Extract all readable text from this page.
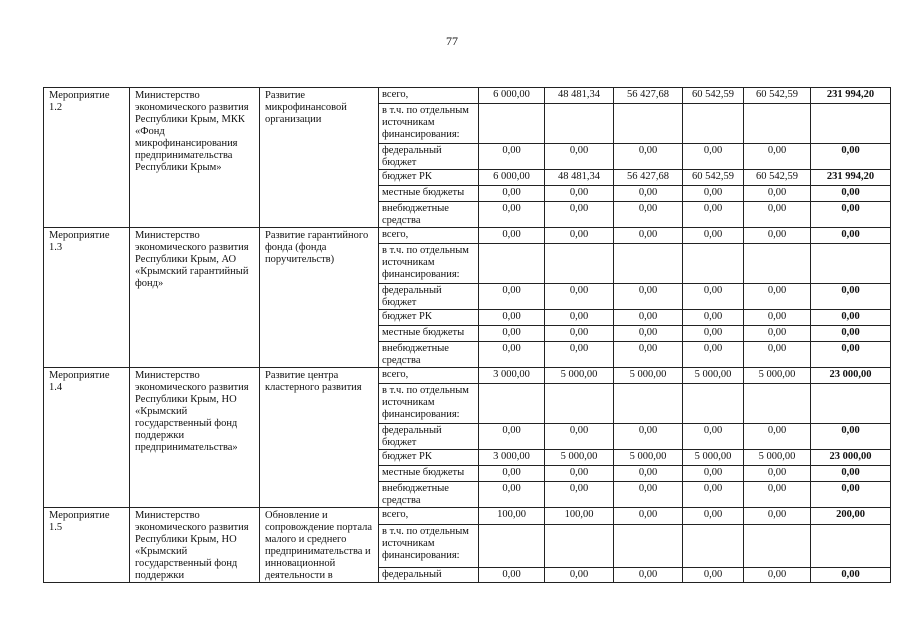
77
Мероприятие 1.2	Министерство экономического развития Республики Крым, МКК «Фонд микрофинансирования предпринимательства Республики Крым»	Развитие микрофинансовой организации	всего,	6 000,00	48 481,34	56 427,68	60 542,59	60 542,59	231 994,20
			в т.ч. по отдельным источникам финансирования:						
			федеральный бюджет	0,00	0,00	0,00	0,00	0,00	0,00
			бюджет РК	6 000,00	48 481,34	56 427,68	60 542,59	60 542,59	231 994,20
			местные бюджеты	0,00	0,00	0,00	0,00	0,00	0,00
			внебюджетные средства	0,00	0,00	0,00	0,00	0,00	0,00
Мероприятие 1.3	Министерство экономического развития Республики Крым, АО «Крымский гарантийный фонд»	Развитие гарантийного фонда (фонда поручительств)	всего,	0,00	0,00	0,00	0,00	0,00	0,00
			в т.ч. по отдельным источникам финансирования:						
			федеральный бюджет	0,00	0,00	0,00	0,00	0,00	0,00
			бюджет РК	0,00	0,00	0,00	0,00	0,00	0,00
			местные бюджеты	0,00	0,00	0,00	0,00	0,00	0,00
			внебюджетные средства	0,00	0,00	0,00	0,00	0,00	0,00
Мероприятие 1.4	Министерство экономического развития Республики Крым, НО «Крымский государственный фонд поддержки предпринимательства»	Развитие центра кластерного развития	всего,	3 000,00	5 000,00	5 000,00	5 000,00	5 000,00	23 000,00
			в т.ч. по отдельным источникам финансирования:						
			федеральный бюджет	0,00	0,00	0,00	0,00	0,00	0,00
			бюджет РК	3 000,00	5 000,00	5 000,00	5 000,00	5 000,00	23 000,00
			местные бюджеты	0,00	0,00	0,00	0,00	0,00	0,00
			внебюджетные средства	0,00	0,00	0,00	0,00	0,00	0,00
Мероприятие 1.5	Министерство экономического развития Республики Крым, НО «Крымский государственный фонд поддержки	Обновление и сопровождение портала малого и среднего предпринимательства и инновационной деятельности в	всего,	100,00	100,00	0,00	0,00	0,00	200,00
			в т.ч. по отдельным источникам финансирования:						
			федеральный	0,00	0,00	0,00	0,00	0,00	0,00
